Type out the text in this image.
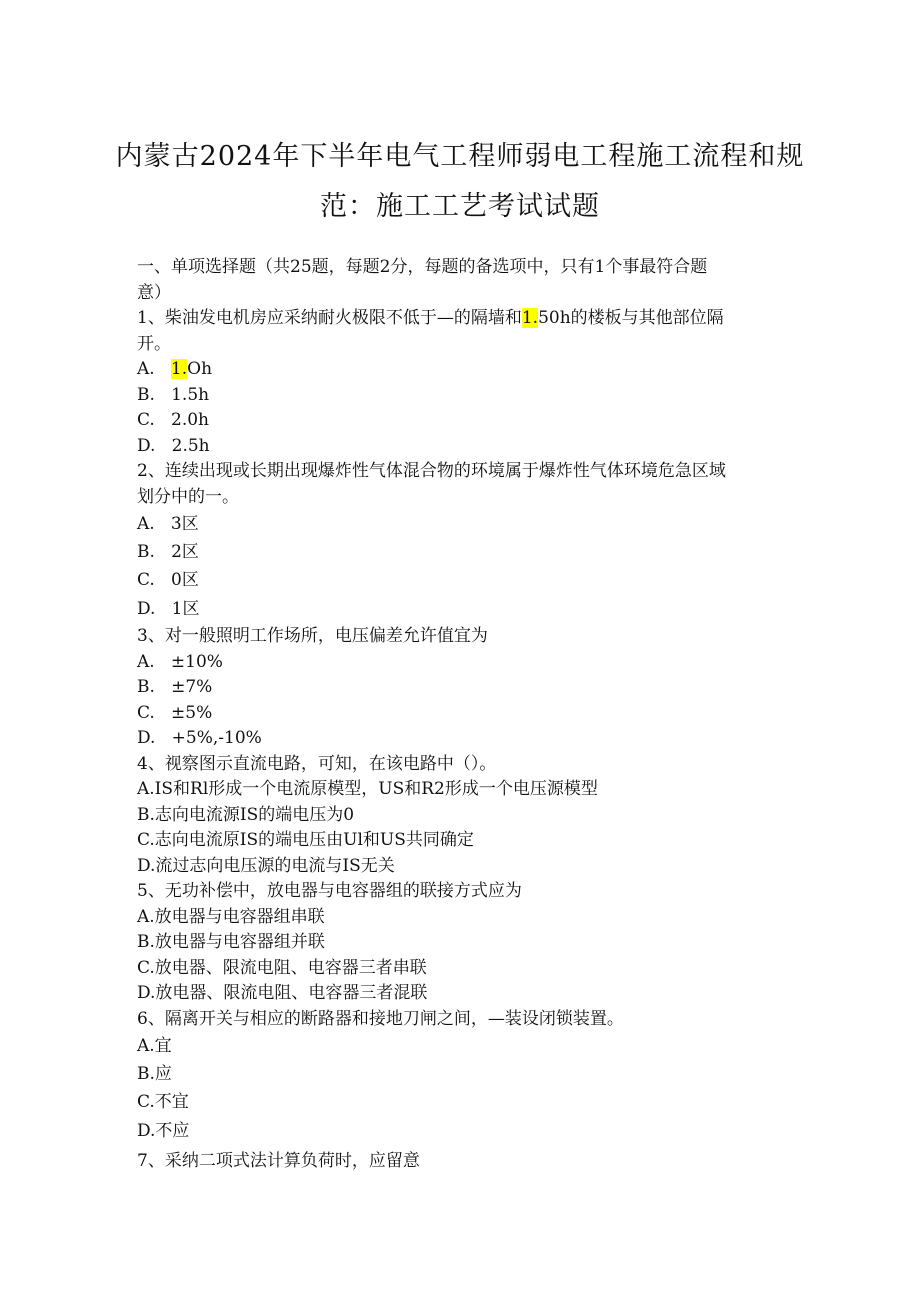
内蒙古2024年下半年电气工程师弱电工程施工流程和规
范：施工工艺考试试题
一、单项选择题（共25题，每题2分，每题的备选项中，只有1个事最符合题
意）
1、柴油发电机房应采纳耐火极限不低于—的隔墙和1.50h的楼板与其他部位隔
开。
A.   1.Oh
B.   1.5h
C.   2.0h
D.   2.5h
2、连续出现或长期出现爆炸性气体混合物的环境属于爆炸性气体环境危急区域
划分中的一。
A.   3区
B.   2区
C.   0区
D.   1区
3、对一般照明工作场所，电压偏差允许值宜为
A.   ±10%
B.   ±7%
C.   ±5%
D.   +5%,-10%
4、视察图示直流电路，可知，在该电路中（）。
A.IS和Rl形成一个电流原模型，US和R2形成一个电压源模型
B.志向电流源IS的端电压为0
C.志向电流原IS的端电压由Ul和US共同确定
D.流过志向电压源的电流与IS无关
5、无功补偿中，放电器与电容器组的联接方式应为
A.放电器与电容器组串联
B.放电器与电容器组并联
C.放电器、限流电阻、电容器三者串联
D.放电器、限流电阻、电容器三者混联
6、隔离开关与相应的断路器和接地刀闸之间，—装设闭锁装置。
A.宜
B.应
C.不宜
D.不应
7、采纳二项式法计算负荷时，应留意
